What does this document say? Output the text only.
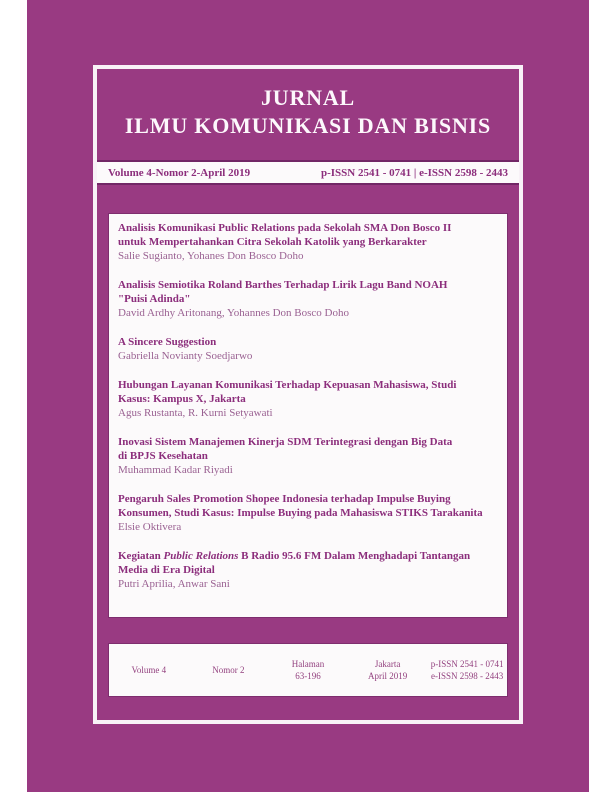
JURNAL
ILMU KOMUNIKASI DAN BISNIS
Volume 4-Nomor 2-April 2019	p-ISSN 2541 - 0741 | e-ISSN 2598 - 2443
Analisis Komunikasi Public Relations pada Sekolah SMA Don Bosco II
untuk Mempertahankan Citra Sekolah Katolik yang Berkarakter
Salie Sugianto, Yohanes Don Bosco Doho
Analisis Semiotika Roland Barthes Terhadap Lirik Lagu Band NOAH
"Puisi Adinda"
David Ardhy Aritonang, Yohannes Don Bosco Doho
A Sincere Suggestion
Gabriella Novianty Soedjarwo
Hubungan Layanan Komunikasi Terhadap Kepuasan Mahasiswa, Studi
Kasus: Kampus X, Jakarta
Agus Rustanta, R. Kurni Setyawati
Inovasi Sistem Manajemen Kinerja SDM Terintegrasi dengan Big Data
di BPJS Kesehatan
Muhammad Kadar Riyadi
Pengaruh Sales Promotion Shopee Indonesia terhadap Impulse Buying
Konsumen, Studi Kasus: Impulse Buying pada Mahasiswa STIKS Tarakanita
Elsie Oktivera
Kegiatan Public Relations B Radio 95.6 FM Dalam Menghadapi Tantangan
Media di Era Digital
Putri Aprilia, Anwar Sani
Volume 4	Nomor 2
Halaman
63-196
Jakarta
April 2019
p-ISSN 2541 - 0741
e-ISSN 2598 - 2443
